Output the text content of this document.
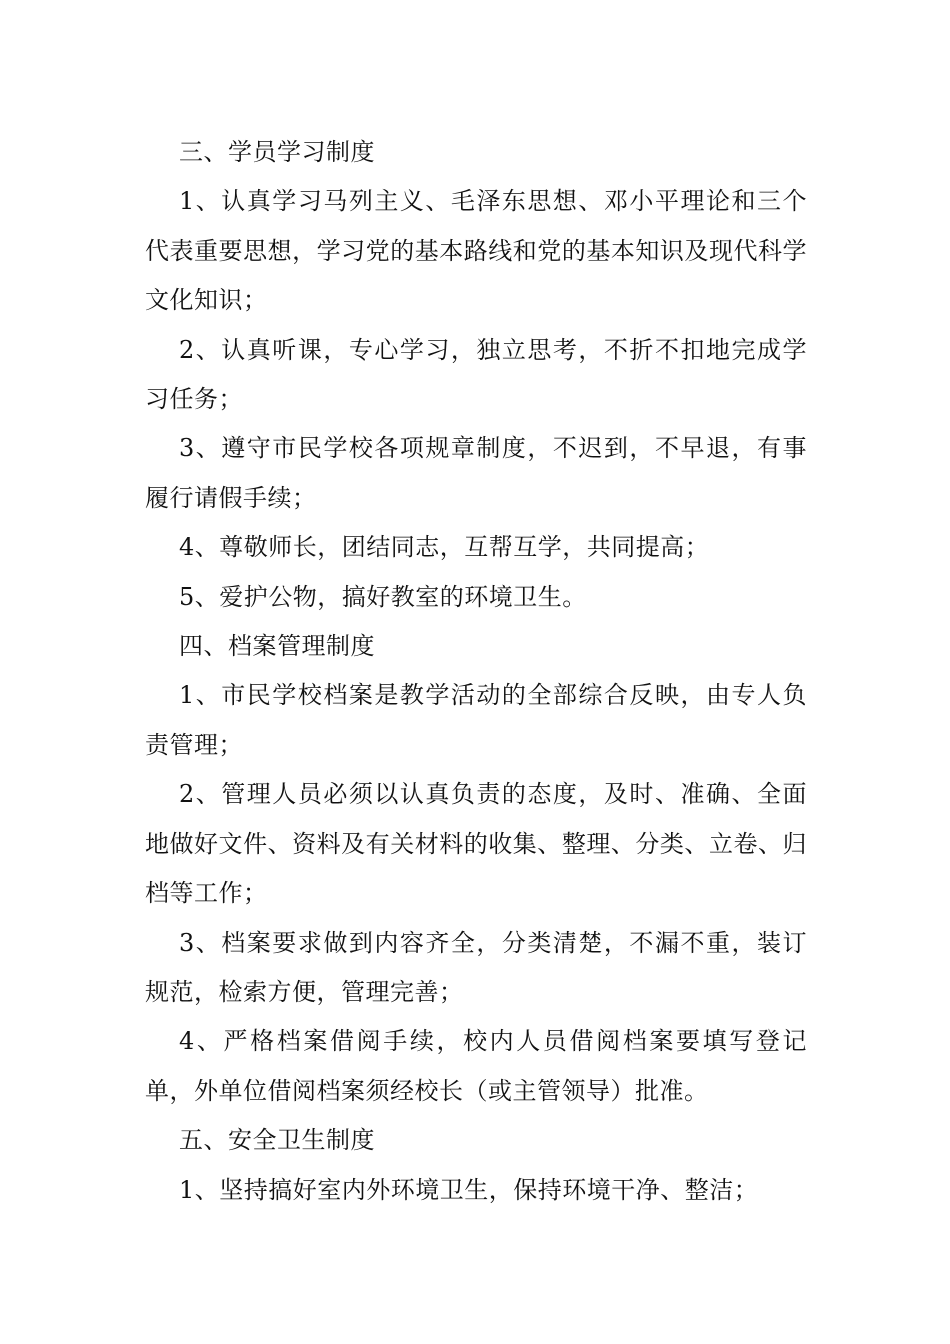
三、学员学习制度

1、认真学习马列主义、毛泽东思想、邓小平理论和三个代表重要思想，学习党的基本路线和党的基本知识及现代科学文化知识；

2、认真听课，专心学习，独立思考，不折不扣地完成学习任务；

3、遵守市民学校各项规章制度，不迟到，不早退，有事履行请假手续；

4、尊敬师长，团结同志，互帮互学，共同提高；

5、爱护公物，搞好教室的环境卫生。

四、档案管理制度

1、市民学校档案是教学活动的全部综合反映，由专人负责管理；

2、管理人员必须以认真负责的态度，及时、准确、全面地做好文件、资料及有关材料的收集、整理、分类、立卷、归档等工作；

3、档案要求做到内容齐全，分类清楚，不漏不重，装订规范，检索方便，管理完善；

4、严格档案借阅手续，校内人员借阅档案要填写登记单，外单位借阅档案须经校长（或主管领导）批准。

五、安全卫生制度

1、坚持搞好室内外环境卫生，保持环境干净、整洁；
